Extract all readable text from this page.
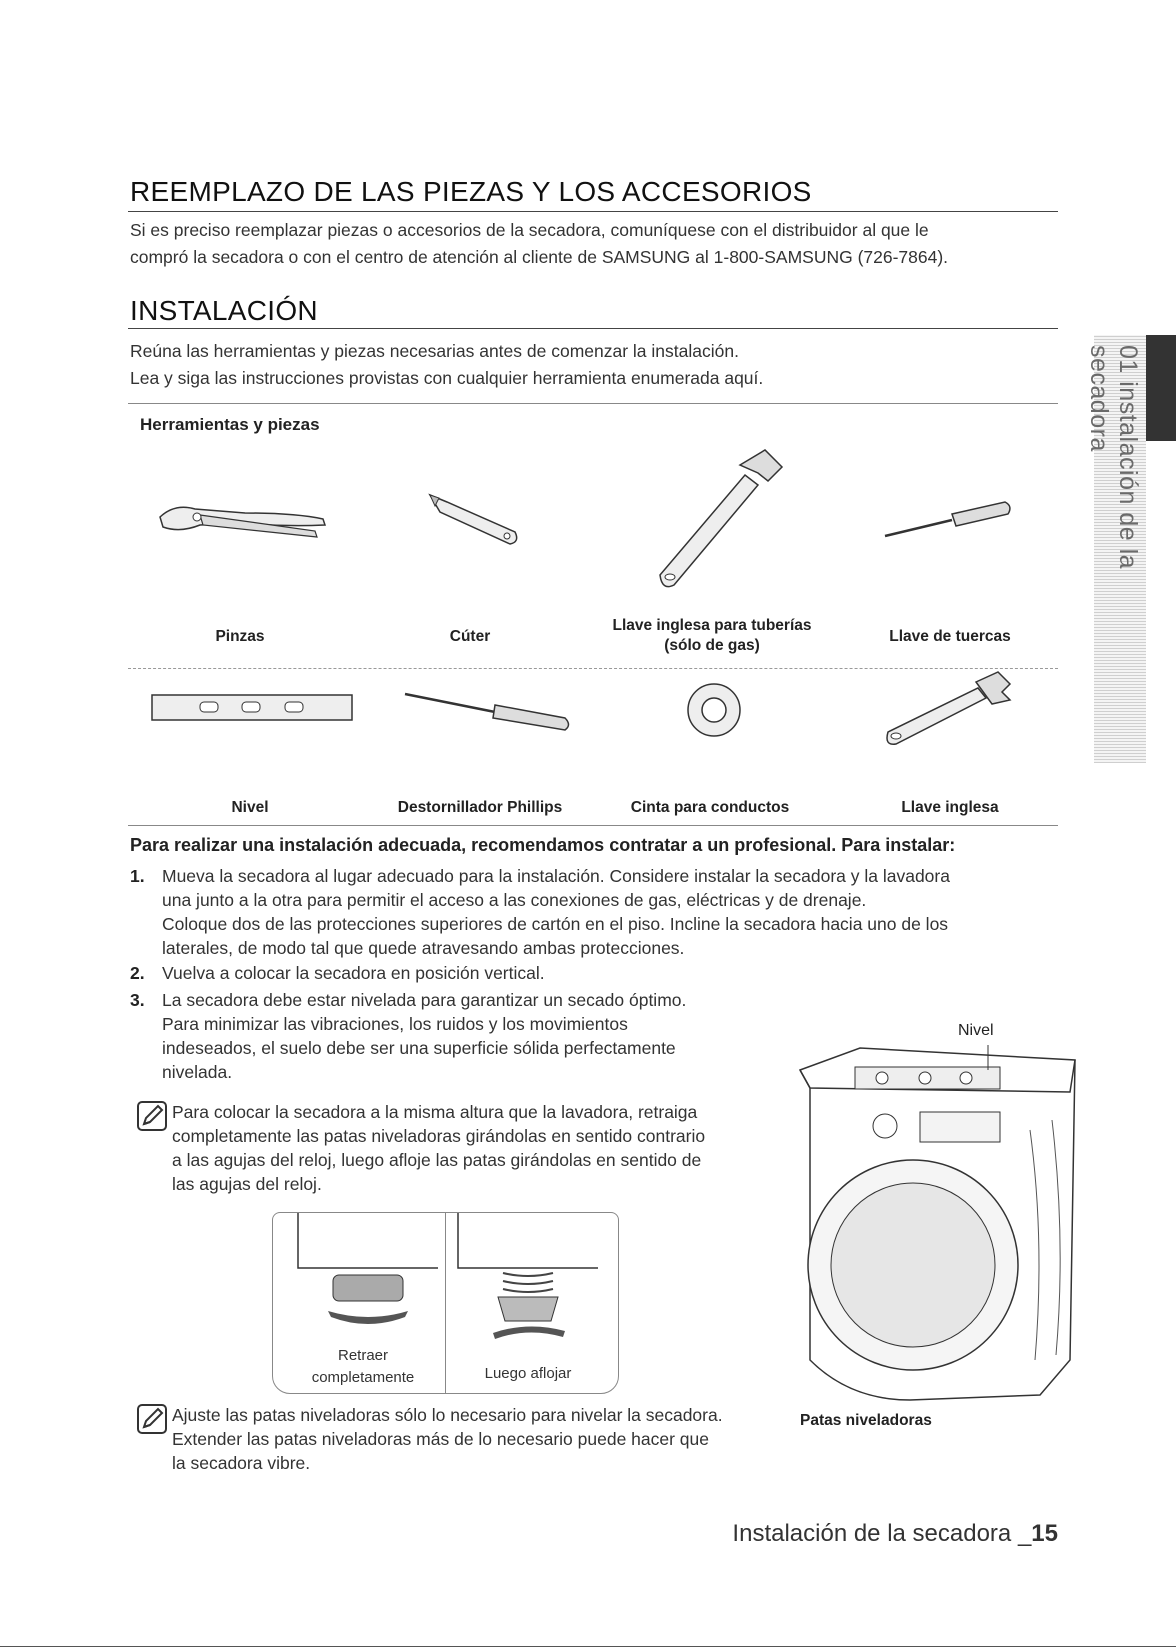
REEMPLAZO DE LAS PIEZAS Y LOS ACCESORIOS
Si es preciso reemplazar piezas o accesorios de la secadora, comuníquese con el distribuidor al que le
compró la secadora o con el centro de atención al cliente de SAMSUNG al 1-800-SAMSUNG (726-7864).
INSTALACIÓN
Reúna las herramientas y piezas necesarias antes de comenzar la instalación.
Lea y siga las instrucciones provistas con cualquier herramienta enumerada aquí.
Herramientas y piezas
Pinzas	Cúter
Llave inglesa para tuberías (sólo de gas)
Llave de tuercas
Nivel	Destornillador Phillips	Cinta para conductos	Llave inglesa
Para realizar una instalación adecuada, recomendamos contratar a un profesional. Para instalar:
1. Mueva la secadora al lugar adecuado para la instalación. Considere instalar la secadora y la lavadora
una junto a la otra para permitir el acceso a las conexiones de gas, eléctricas y de drenaje.
Coloque dos de las protecciones superiores de cartón en el piso. Incline la secadora hacia uno de los
laterales, de modo tal que quede atravesando ambas protecciones.
2. Vuelva a colocar la secadora en posición vertical.
3. La secadora debe estar nivelada para garantizar un secado óptimo.
Para minimizar las vibraciones, los ruidos y los movimientos
indeseados, el suelo debe ser una superficie sólida perfectamente
nivelada.
Para colocar la secadora a la misma altura que la lavadora, retraiga
completamente las patas niveladoras girándolas en sentido contrario
a las agujas del reloj, luego afloje las patas girándolas en sentido de
las agujas del reloj.
Retraer
completamente	Luego aflojar
Nivel
Patas niveladoras
Ajuste las patas niveladoras sólo lo necesario para nivelar la secadora.
Extender las patas niveladoras más de lo necesario puede hacer que
la secadora vibre.
01 instalación de la secadora
Instalación de la secadora _15
